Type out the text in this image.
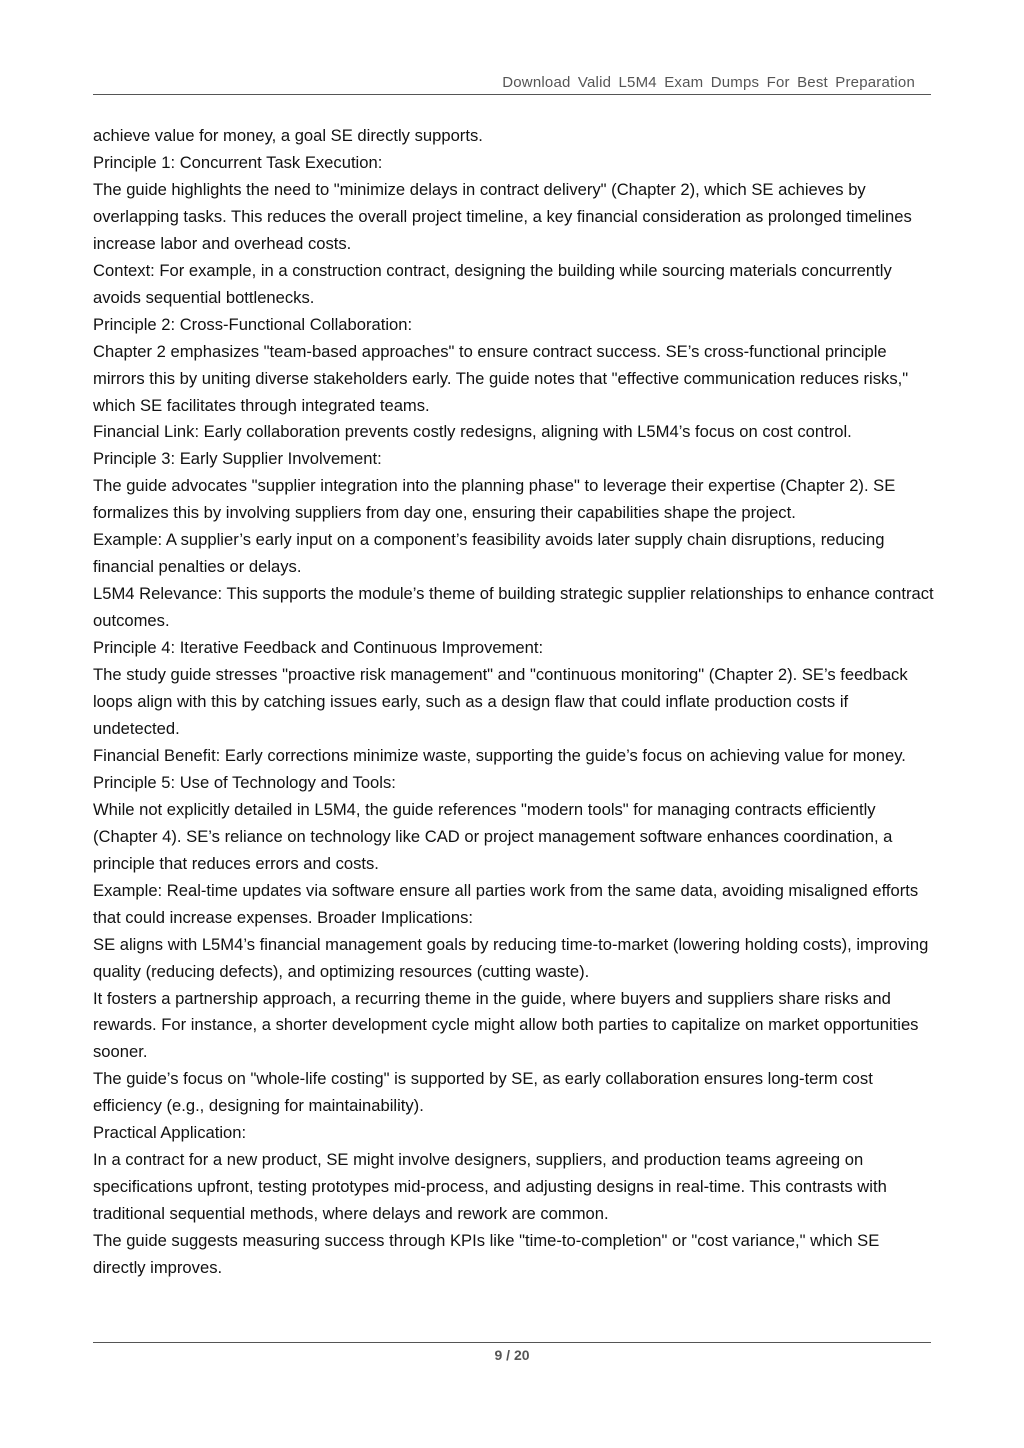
Download Valid L5M4 Exam Dumps For Best Preparation

achieve value for money, a goal SE directly supports.

Principle 1: Concurrent Task Execution:

The guide highlights the need to "minimize delays in contract delivery" (Chapter 2), which SE achieves by overlapping tasks. This reduces the overall project timeline, a key financial consideration as prolonged timelines increase labor and overhead costs.

Context: For example, in a construction contract, designing the building while sourcing materials concurrently avoids sequential bottlenecks.

Principle 2: Cross-Functional Collaboration:

Chapter 2 emphasizes "team-based approaches" to ensure contract success. SE’s cross-functional principle mirrors this by uniting diverse stakeholders early. The guide notes that "effective communication reduces risks," which SE facilitates through integrated teams.

Financial Link: Early collaboration prevents costly redesigns, aligning with L5M4’s focus on cost control.

Principle 3: Early Supplier Involvement:

The guide advocates "supplier integration into the planning phase" to leverage their expertise (Chapter 2). SE formalizes this by involving suppliers from day one, ensuring their capabilities shape the project.

Example: A supplier’s early input on a component’s feasibility avoids later supply chain disruptions, reducing financial penalties or delays.

L5M4 Relevance: This supports the module’s theme of building strategic supplier relationships to enhance contract outcomes.

Principle 4: Iterative Feedback and Continuous Improvement:

The study guide stresses "proactive risk management" and "continuous monitoring" (Chapter 2). SE’s feedback loops align with this by catching issues early, such as a design flaw that could inflate production costs if undetected.

Financial Benefit: Early corrections minimize waste, supporting the guide’s focus on achieving value for money.

Principle 5: Use of Technology and Tools:

While not explicitly detailed in L5M4, the guide references "modern tools" for managing contracts efficiently (Chapter 4). SE’s reliance on technology like CAD or project management software enhances coordination, a principle that reduces errors and costs.

Example: Real-time updates via software ensure all parties work from the same data, avoiding misaligned efforts that could increase expenses. Broader Implications:

SE aligns with L5M4’s financial management goals by reducing time-to-market (lowering holding costs), improving quality (reducing defects), and optimizing resources (cutting waste).

It fosters a partnership approach, a recurring theme in the guide, where buyers and suppliers share risks and rewards. For instance, a shorter development cycle might allow both parties to capitalize on market opportunities sooner.

The guide’s focus on "whole-life costing" is supported by SE, as early collaboration ensures long-term cost efficiency (e.g., designing for maintainability).

Practical Application:

In a contract for a new product, SE might involve designers, suppliers, and production teams agreeing on specifications upfront, testing prototypes mid-process, and adjusting designs in real-time. This contrasts with traditional sequential methods, where delays and rework are common.

The guide suggests measuring success through KPIs like "time-to-completion" or "cost variance," which SE directly improves.

9 / 20
